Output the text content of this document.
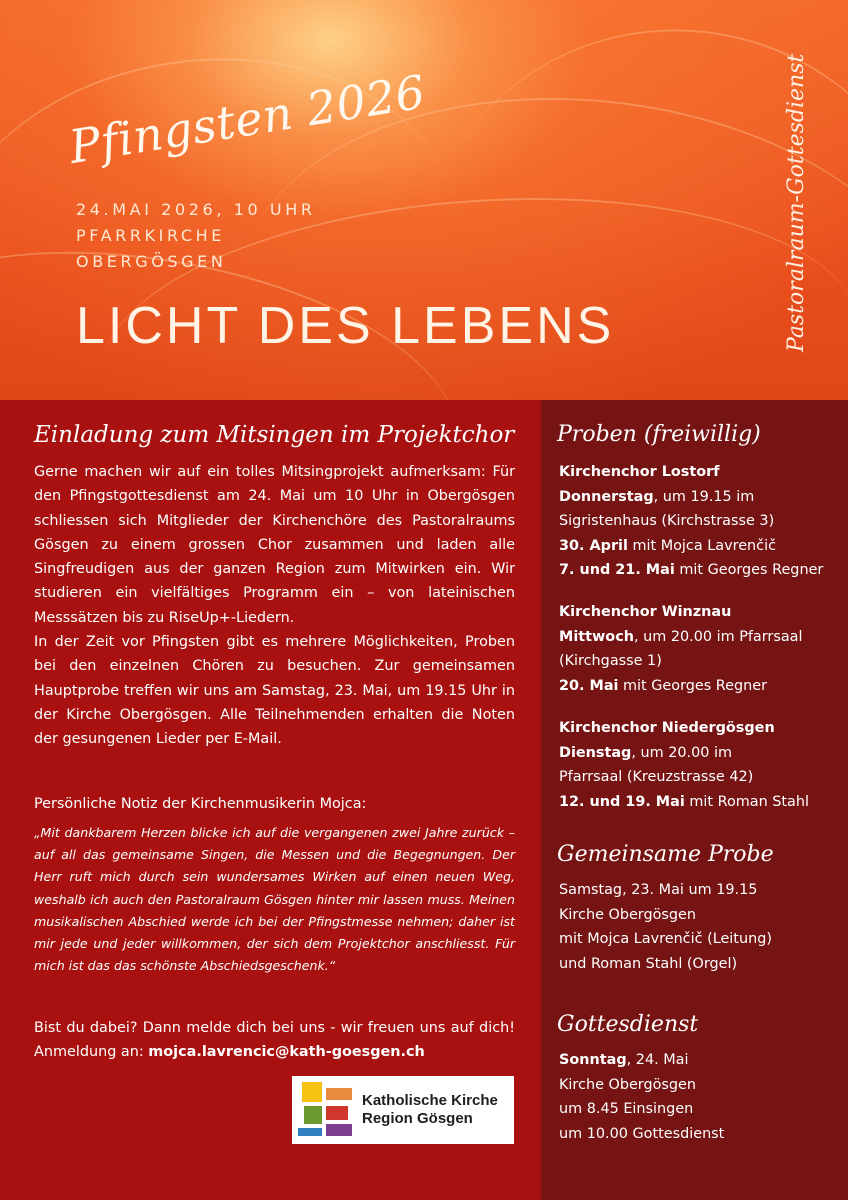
Pfingsten 2026
24.MAI 2026, 10 UHR
PFARRKIRCHE
OBERGÖSGEN
LICHT DES LEBENS	Pastoralraum-Gottesdienst
Einladung zum Mitsingen im Projektchor

Gerne machen wir auf ein tolles Mitsingprojekt aufmerksam: Für den Pfingstgottesdienst am 24. Mai um 10 Uhr in Obergösgen schliessen sich Mitglieder der Kirchenchöre des Pastoralraums Gösgen zu einem grossen Chor zusammen und laden alle Singfreudigen aus der ganzen Region zum Mitwirken ein. Wir studieren ein vielfältiges Programm ein – von lateinischen Messsätzen bis zu RiseUp+-Liedern.

In der Zeit vor Pfingsten gibt es mehrere Möglichkeiten, Proben bei den einzelnen Chören zu besuchen. Zur gemeinsamen Hauptprobe treffen wir uns am Samstag, 23. Mai, um 19.15 Uhr in der Kirche Obergösgen. Alle Teilnehmenden erhalten die Noten der gesungenen Lieder per E-Mail.

Persönliche Notiz der Kirchenmusikerin Mojca:
„Mit dankbarem Herzen blicke ich auf die vergangenen zwei Jahre zurück – auf all das gemeinsame Singen, die Messen und die Begegnungen. Der Herr ruft mich durch sein wundersames Wirken auf einen neuen Weg, weshalb ich auch den Pastoralraum Gösgen hinter mir lassen muss. Meinen musikalischen Abschied werde ich bei der Pfingstmesse nehmen; daher ist mir jede und jeder willkommen, der sich dem Projektchor anschliesst. Für mich ist das das schönste Abschiedsgeschenk.“
Bist du dabei? Dann melde dich bei uns - wir freuen uns auf dich! Anmeldung an: mojca.lavrencic@kath-goesgen.ch
Katholische Kirche
Region Gösgen
Proben (freiwillig)
Kirchenchor Lostorf
Donnerstag, um 19.15 im
Sigristenhaus (Kirchstrasse 3)
30. April mit Mojca Lavrenčič
7. und 21. Mai mit Georges Regner
Kirchenchor Winznau
Mittwoch, um 20.00 im Pfarrsaal
(Kirchgasse 1)
20. Mai mit Georges Regner
Kirchenchor Niedergösgen
Dienstag, um 20.00 im
Pfarrsaal (Kreuzstrasse 42)
12. und 19. Mai mit Roman Stahl
Gemeinsame Probe
Samstag, 23. Mai um 19.15
Kirche Obergösgen
mit Mojca Lavrenčič (Leitung)
und Roman Stahl (Orgel)
Gottesdienst
Sonntag, 24. Mai
Kirche Obergösgen
um 8.45 Einsingen
um 10.00 Gottesdienst
